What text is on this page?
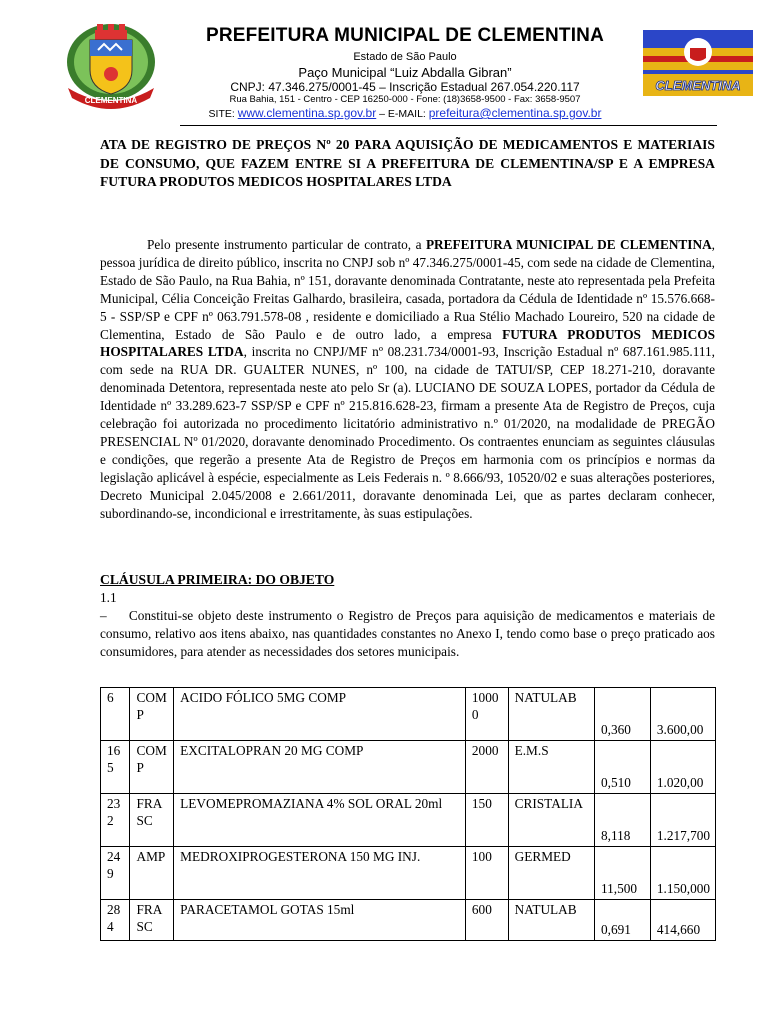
CLEMENTINA
CLEMENTINA
PREFEITURA MUNICIPAL DE CLEMENTINA
Estado de São Paulo
Paço Municipal “Luiz Abdalla Gibran”
CNPJ: 47.346.275/0001-45 – Inscrição Estadual 267.054.220.117
Rua Bahia, 151 - Centro - CEP 16250-000 - Fone: (18)3658-9500 - Fax: 3658-9507
SITE: www.clementina.sp.gov.br – E-MAIL: prefeitura@clementina.sp.gov.br
ATA DE REGISTRO DE PREÇOS Nº 20 PARA AQUISIÇÃO DE MEDICAMENTOS E MATERIAIS DE CONSUMO, QUE FAZEM ENTRE SI A PREFEITURA DE CLEMENTINA/SP E A EMPRESA FUTURA PRODUTOS MEDICOS HOSPITALARES LTDA
Pelo presente instrumento particular de contrato, a PREFEITURA MUNICIPAL DE CLEMENTINA, pessoa jurídica de direito público, inscrita no CNPJ sob nº 47.346.275/0001-45, com sede na cidade de Clementina, Estado de São Paulo, na Rua Bahia, nº 151, doravante denominada Contratante, neste ato representada pela Prefeita Municipal, Célia Conceição Freitas Galhardo, brasileira, casada, portadora da Cédula de Identidade nº 15.576.668-5 - SSP/SP e CPF nº 063.791.578-08 , residente e domiciliado a Rua Stélio Machado Loureiro, 520 na cidade de Clementina, Estado de São Paulo e de outro lado, a empresa FUTURA PRODUTOS MEDICOS HOSPITALARES LTDA, inscrita no CNPJ/MF nº 08.231.734/0001-93, Inscrição Estadual nº 687.161.985.111, com sede na RUA DR. GUALTER NUNES, nº 100, na cidade de TATUI/SP, CEP 18.271-210, doravante denominada Detentora, representada neste ato pelo Sr (a). LUCIANO DE SOUZA LOPES, portador da Cédula de Identidade nº 33.289.623-7 SSP/SP e CPF nº 215.816.628-23, firmam a presente Ata de Registro de Preços, cuja celebração foi autorizada no procedimento licitatório administrativo n.º 01/2020, na modalidade de PREGÃO PRESENCIAL Nº 01/2020, doravante denominado Procedimento. Os contraentes enunciam as seguintes cláusulas e condições, que regerão a presente Ata de Registro de Preços em harmonia com os princípios e normas da legislação aplicável à espécie, especialmente as Leis Federais n. º 8.666/93, 10520/02 e suas alterações posteriores, Decreto Municipal 2.045/2008 e 2.661/2011, doravante denominada Lei, que as partes declaram conhecer, subordinando-se, incondicional e irrestritamente, às suas estipulações.
CLÁUSULA PRIMEIRA: DO OBJETO
1.1 – Constitui-se objeto deste instrumento o Registro de Preços para aquisição de medicamentos e materiais de consumo, relativo aos itens abaixo, nas quantidades constantes no Anexo I, tendo como base o preço praticado aos consumidores, para atender as necessidades dos setores municipais.
6	COMP	ACIDO FÓLICO 5MG COMP	10000	NATULAB	0,360	3.600,00
165	COMP	EXCITALOPRAN 20 MG COMP	2000	E.M.S	0,510	1.020,00
232	FRASC	LEVOMEPROMAZIANA 4% SOL ORAL 20ml	150	CRISTALIA	8,118	1.217,700
249	AMP	MEDROXIPROGESTERONA 150 MG INJ.	100	GERMED	11,500	1.150,000
284	FRASC	PARACETAMOL GOTAS 15ml	600	NATULAB	0,691	414,660
